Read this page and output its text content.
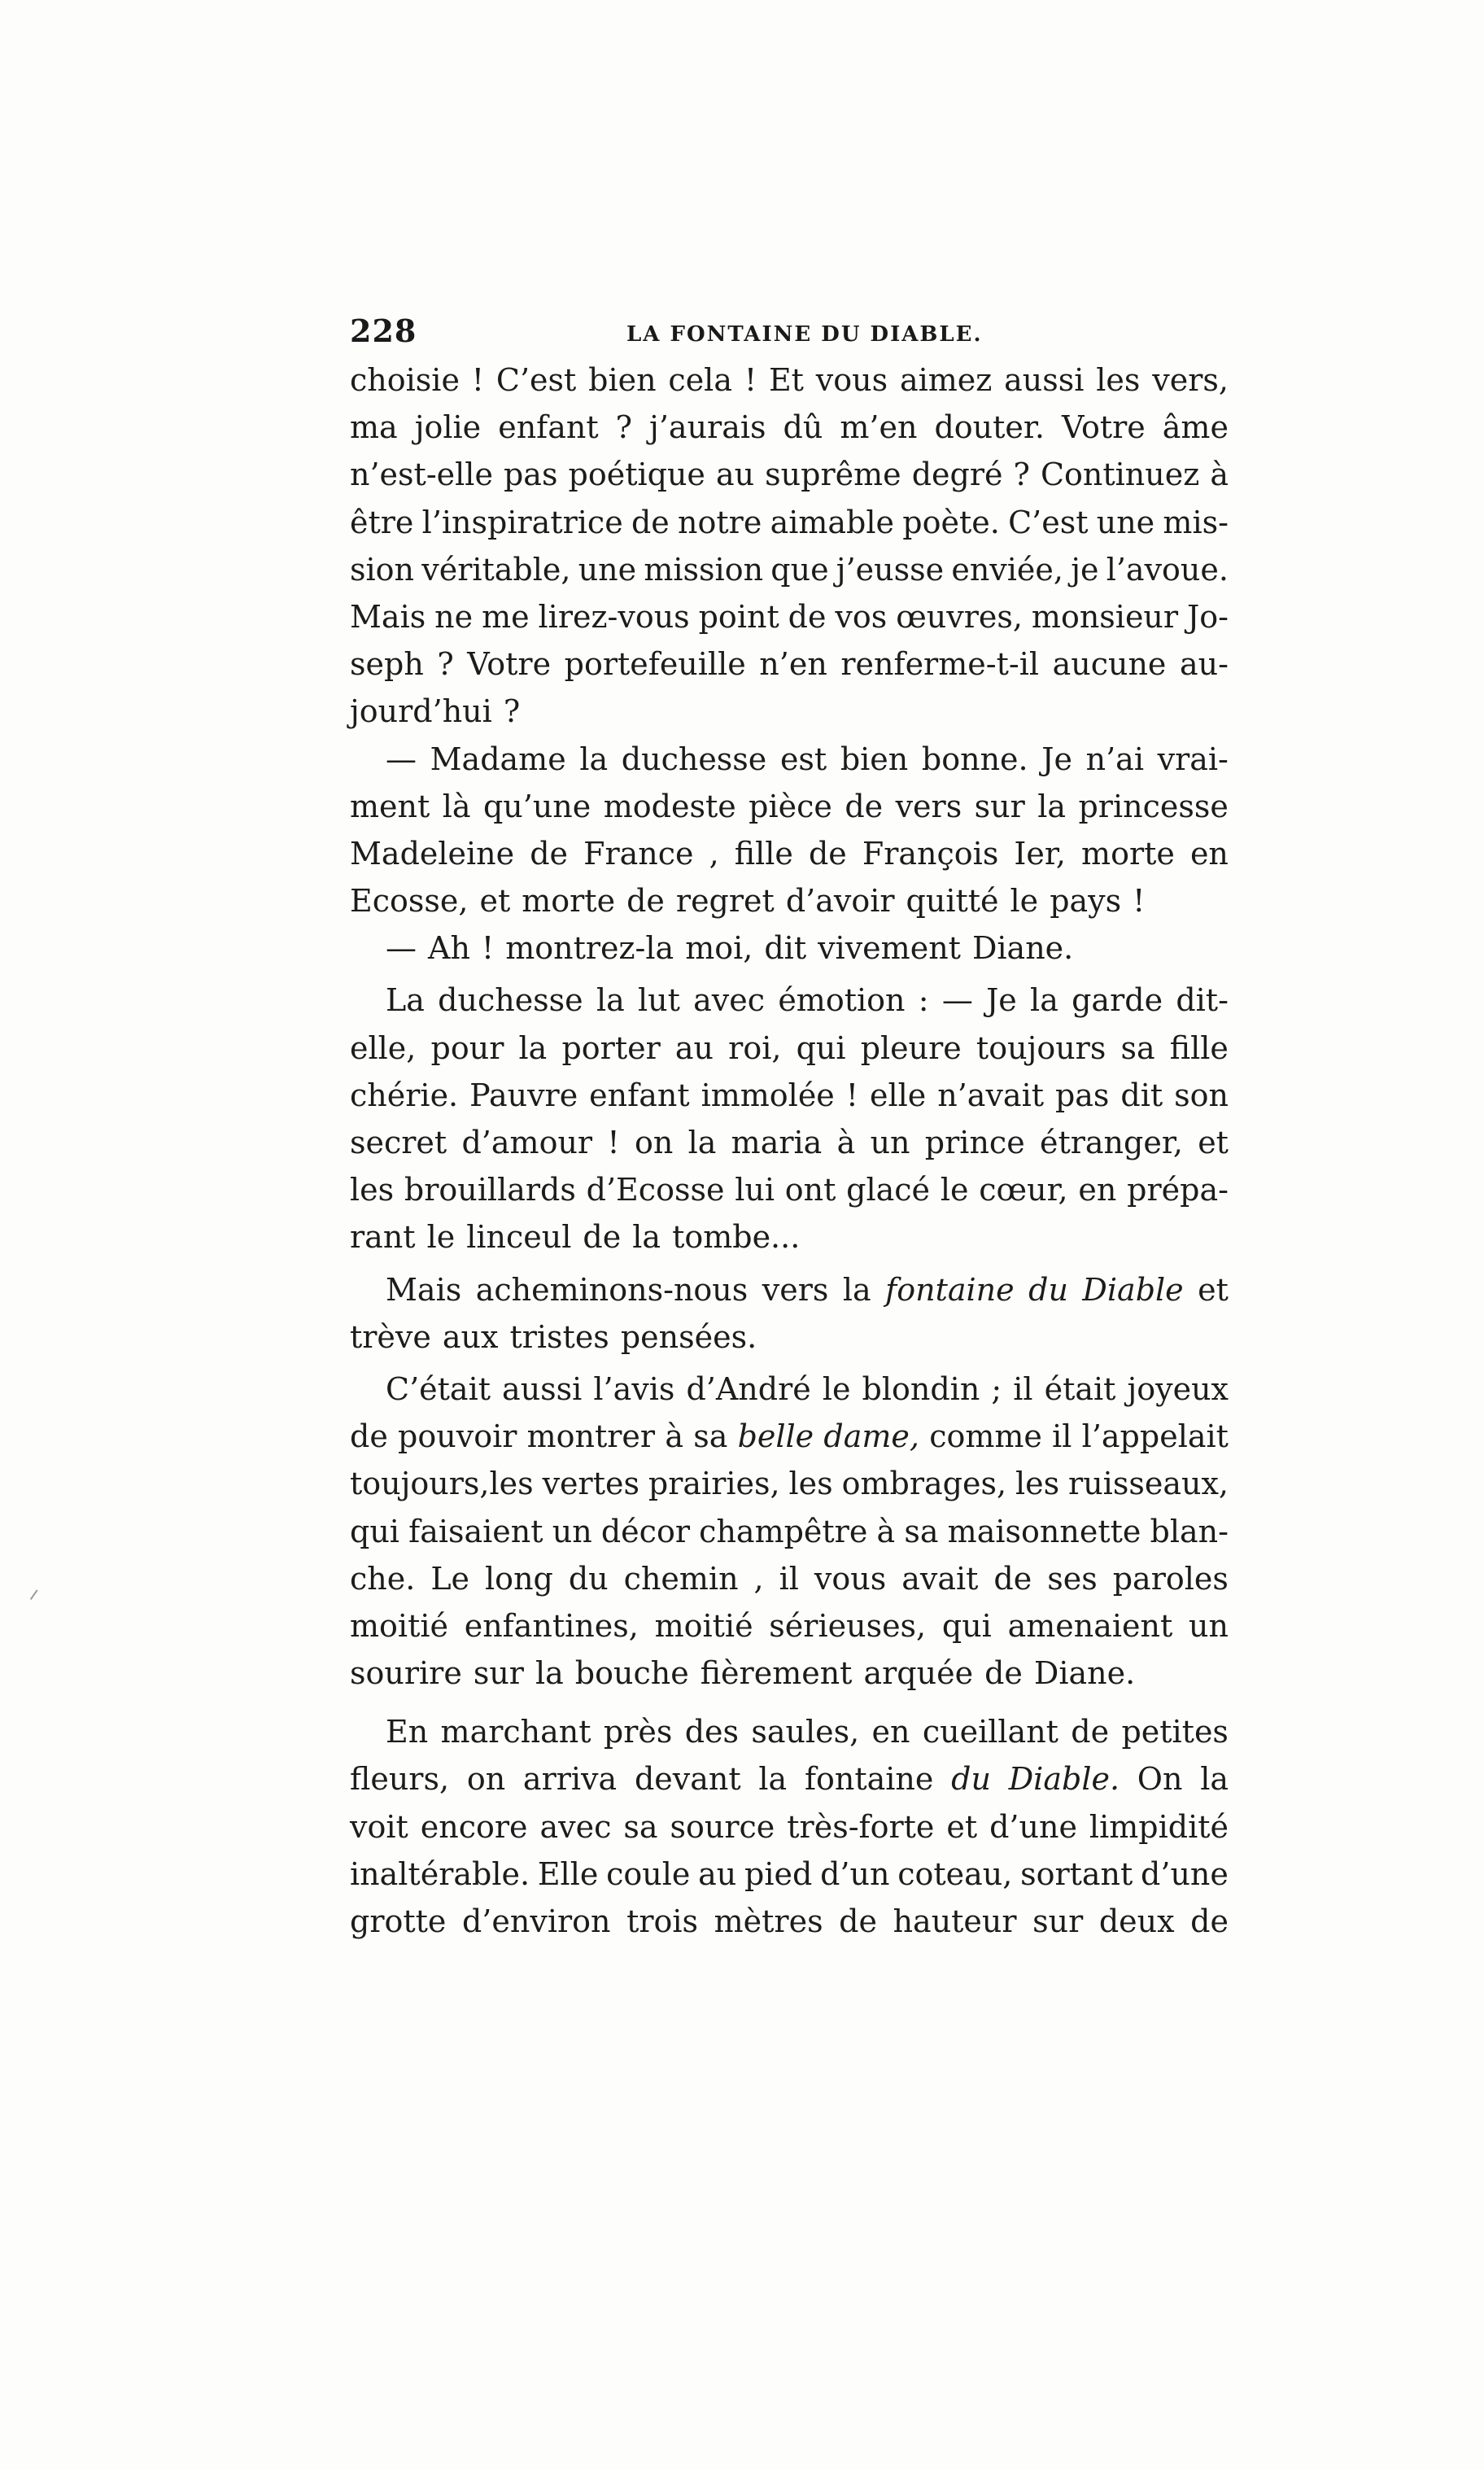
228	LA FONTAINE DU DIABLE.
choisie ! C’est bien cela ! Et vous aimez aussi les vers,
ma jolie enfant ? j’aurais dû m’en douter. Votre âme
n’est-elle pas poétique au suprême degré ? Continuez à
être l’inspiratrice de notre aimable poète. C’est une mis-
sion véritable, une mission que j’eusse enviée, je l’avoue.
Mais ne me lirez-vous point de vos œuvres, monsieur Jo-
seph ? Votre portefeuille n’en renferme-t-il aucune au-
jourd’hui ?
— Madame la duchesse est bien bonne. Je n’ai vrai-
ment là qu’une modeste pièce de vers sur la princesse
Madeleine de France , fille de François Ier, morte en
Ecosse, et morte de regret d’avoir quitté le pays !
— Ah ! montrez-la moi, dit vivement Diane.
La duchesse la lut avec émotion : — Je la garde dit-
elle, pour la porter au roi, qui pleure toujours sa fille
chérie. Pauvre enfant immolée ! elle n’avait pas dit son
secret d’amour ! on la maria à un prince étranger, et
les brouillards d’Ecosse lui ont glacé le cœur, en prépa-
rant le linceul de la tombe...
Mais acheminons-nous vers la fontaine du Diable et
trève aux tristes pensées.
C’était aussi l’avis d’André le blondin ; il était joyeux
de pouvoir montrer à sa belle dame, comme il l’appelait
toujours,les vertes prairies, les ombrages, les ruisseaux,
qui faisaient un décor champêtre à sa maisonnette blan-
che. Le long du chemin , il vous avait de ses paroles
moitié enfantines, moitié sérieuses, qui amenaient un
sourire sur la bouche fièrement arquée de Diane.
En marchant près des saules, en cueillant de petites
fleurs, on arriva devant la fontaine du Diable. On la
voit encore avec sa source très-forte et d’une limpidité
inaltérable. Elle coule au pied d’un coteau, sortant d’une
grotte d’environ trois mètres de hauteur sur deux de
